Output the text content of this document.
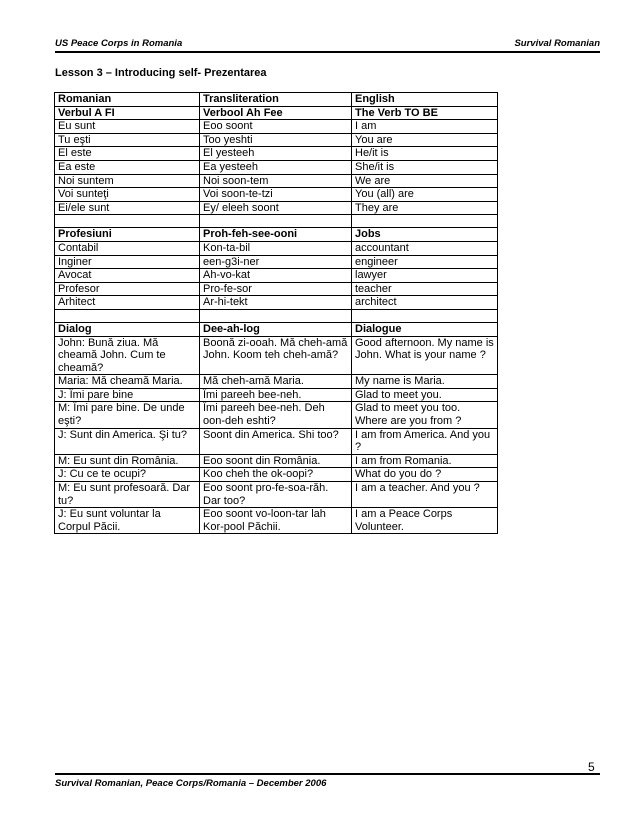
US Peace Corps in Romania	Survival Romanian
Lesson 3 – Introducing self- Prezentarea
Romanian	Transliteration	English
Verbul A FI	Verbool Ah Fee	The Verb TO BE
Eu sunt	Eoo soont	I am
Tu eşti	Too yeshti	You are
El este	El yesteeh	He/it is
Ea este	Ea yesteeh	She/it is
Noi suntem	Noi soon-tem	We are
Voi sunteţi	Voi soon-te-tzi	You (all) are
Ei/ele sunt	Ey/ eleeh soont	They are

Profesiuni	Proh-feh-see-ooni	Jobs
Contabil	Kon-ta-bil	accountant
Inginer	een-g3i-ner	engineer
Avocat	Ah-vo-kat	lawyer
Profesor	Pro-fe-sor	teacher
Arhitect	Ar-hi-tekt	architect

Dialog	Dee-ah-log	Dialogue
John: Bună ziua. Mă cheamă John. Cum te cheamă?	Boonă zi-ooah. Mă cheh-amă John. Koom teh cheh-amă?	Good afternoon. My name is John. What is your name ?
Maria: Mă cheamă Maria.	Mă cheh-amă Maria.	My name is Maria.
J: Îmi pare bine	Îmi pareeh bee-neh.	Glad to meet you.
M: Îmi pare bine. De unde eşti?	Îmi pareeh bee-neh. Deh oon-deh eshti?	Glad to meet you too. Where are you from ?
J: Sunt din America. Şi tu?	Soont din America. Shi too?	I am from America. And you ?
M: Eu sunt din România.	Eoo soont din România.	I am from Romania.
J: Cu ce te ocupi?	Koo cheh the ok-oopi?	What do you do ?
M: Eu sunt profesoară. Dar tu?	Eoo soont pro-fe-soa-răh. Dar too?	I am a teacher. And you ?
J: Eu sunt voluntar la Corpul Păcii.	Eoo soont vo-loon-tar lah Kor-pool Păchii.	I am a Peace Corps Volunteer.
5
Survival Romanian, Peace Corps/Romania – December 2006
